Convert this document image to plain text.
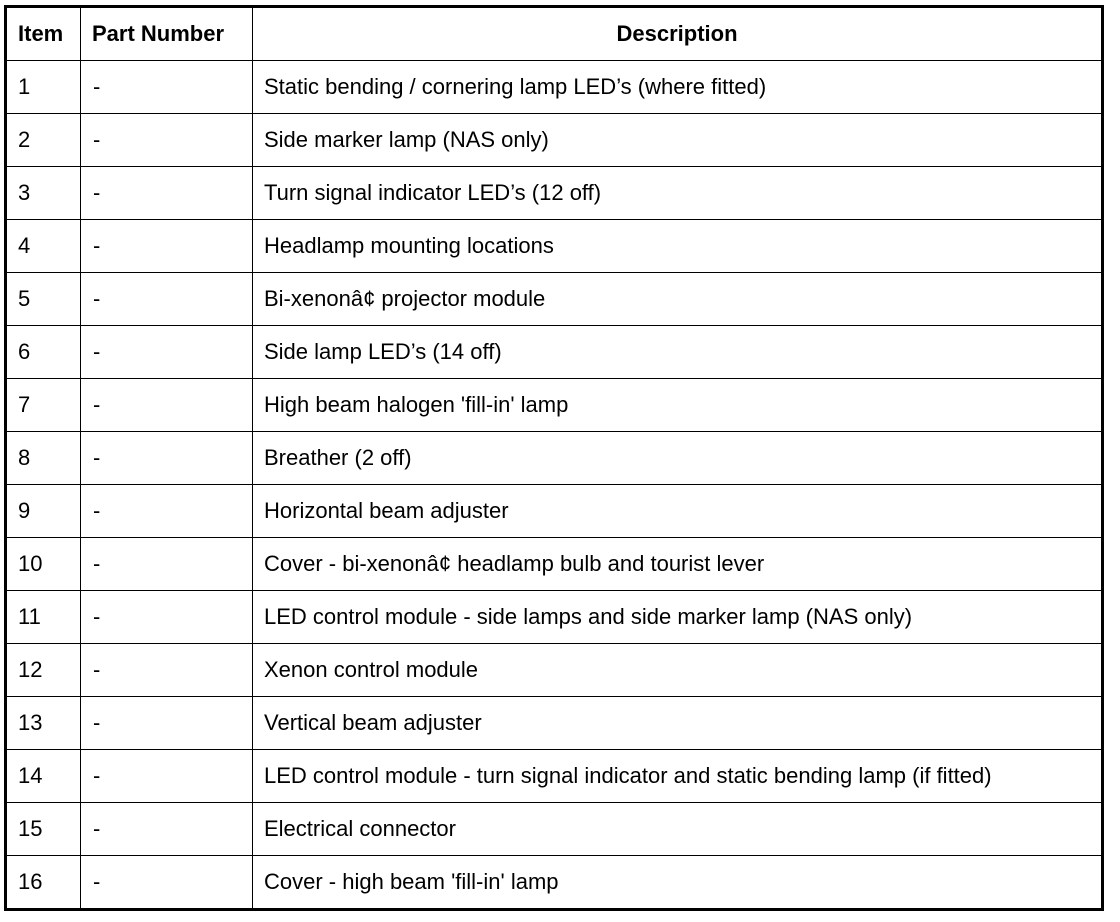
Item	Part Number	Description
1	-	Static bending / cornering lamp LED’s (where fitted)
2	-	Side marker lamp (NAS only)
3	-	Turn signal indicator LED’s (12 off)
4	-	Headlamp mounting locations
5	-	Bi-xenonâ¢ projector module
6	-	Side lamp LED’s (14 off)
7	-	High beam halogen 'fill-in' lamp
8	-	Breather (2 off)
9	-	Horizontal beam adjuster
10	-	Cover - bi-xenonâ¢ headlamp bulb and tourist lever
11	-	LED control module - side lamps and side marker lamp (NAS only)
12	-	Xenon control module
13	-	Vertical beam adjuster
14	-	LED control module - turn signal indicator and static bending lamp (if fitted)
15	-	Electrical connector
16	-	Cover - high beam 'fill-in' lamp
